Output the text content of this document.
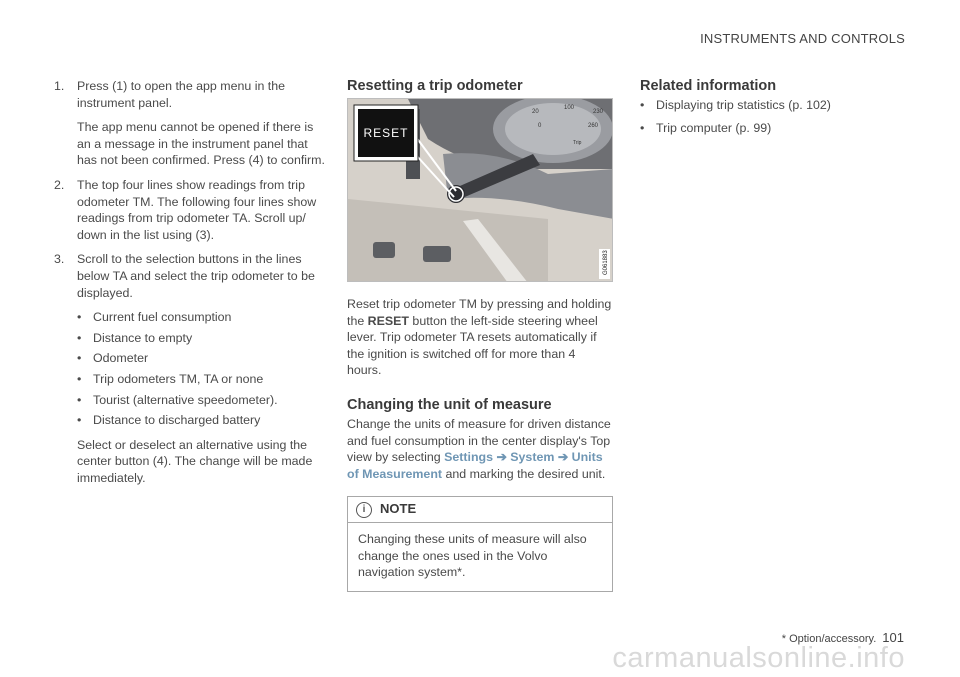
INSTRUMENTS AND CONTROLS
1. Press (1) to open the app menu in the instrument panel.

The app menu cannot be opened if there is an a message in the instrument panel that has not been confirmed. Press (4) to confirm.

2. The top four lines show readings from trip odometer TM. The following four lines show readings from trip odometer TA. Scroll up/ down in the list using (3).

3. Scroll to the selection buttons in the lines below TA and select the trip odometer to be displayed.

• Current fuel consumption
• Distance to empty
• Odometer
• Trip odometers TM, TA or none
• Tourist (alternative speedometer).
• Distance to discharged battery

Select or deselect an alternative using the center button (4). The change will be made immediately.

Resetting a trip odometer
20
100
230
0	260
Trip
RESET
G061883

Reset trip odometer TM by pressing and holding the RESET button the left-side steering wheel lever. Trip odometer TA resets automatically if the ignition is switched off for more than 4 hours.

Changing the unit of measure

Change the units of measure for driven distance and fuel consumption in the center display's Top view by selecting Settings ➔ System ➔ Units of Measurement and marking the desired unit.

i	NOTE
Changing these units of measure will also change the ones used in the Volvo navigation system*.
Related information
• Displaying trip statistics (p. 102)
• Trip computer (p. 99)
* Option/accessory. 101
carmanualsonline.info
